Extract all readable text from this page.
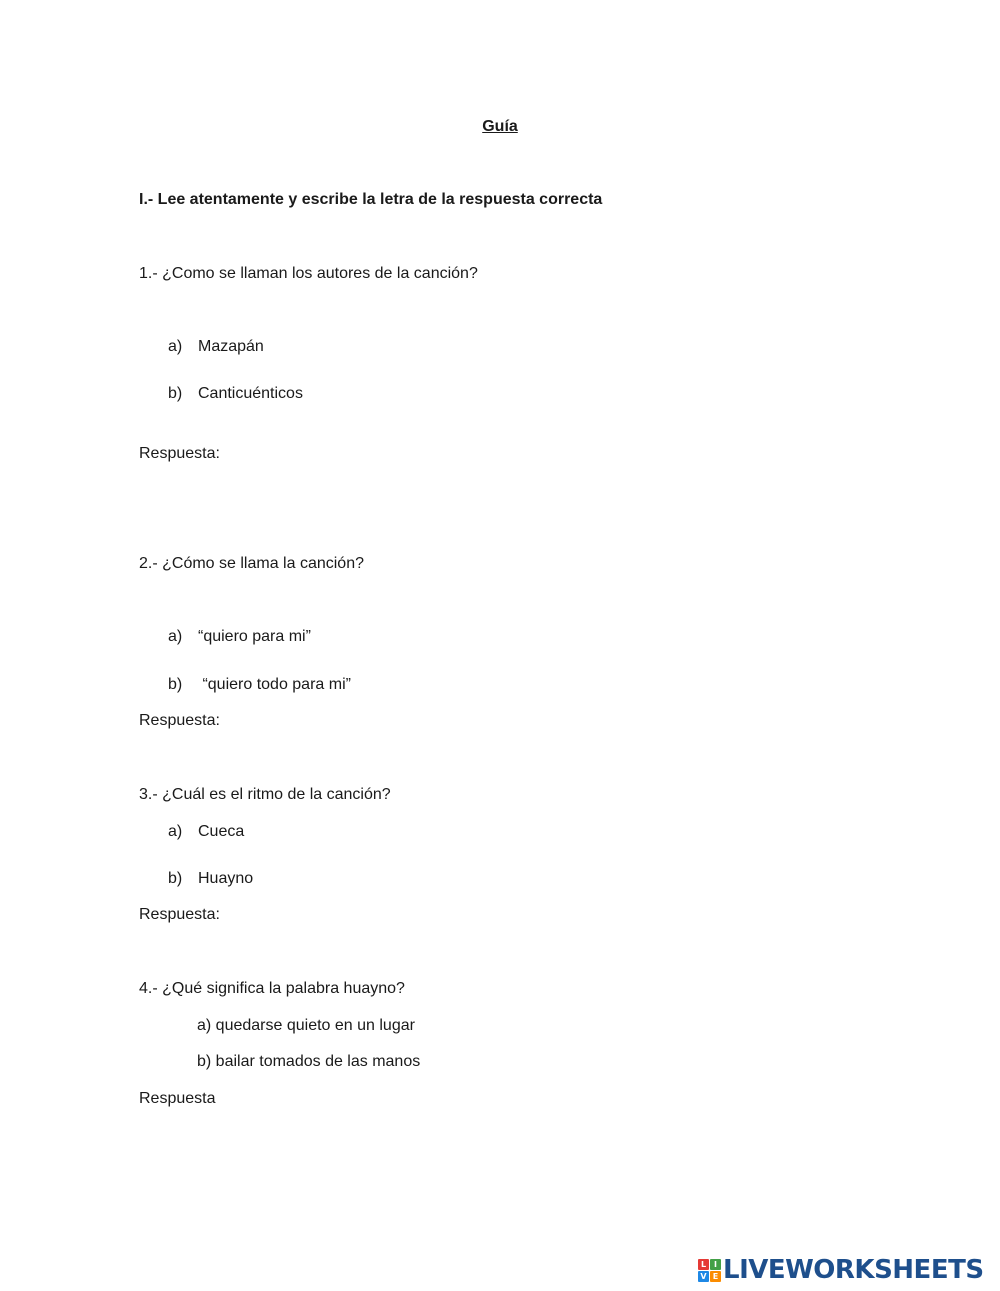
Guía
I.- Lee atentamente y escribe la letra de la respuesta correcta
1.- ¿Como se llaman los autores de la canción?
a) Mazapán
b) Canticuénticos
Respuesta:
2.- ¿Cómo se llama la canción?
a) “quiero para mi”
b) “quiero todo para mi”
Respuesta:
3.- ¿Cuál es el ritmo de la canción?
a) Cueca
b) Huayno
Respuesta:
4.- ¿Qué significa la palabra huayno?
a) quedarse quieto en un lugar
b) bailar tomados de las manos
Respuesta
L I
V E LIVEWORKSHEETS
